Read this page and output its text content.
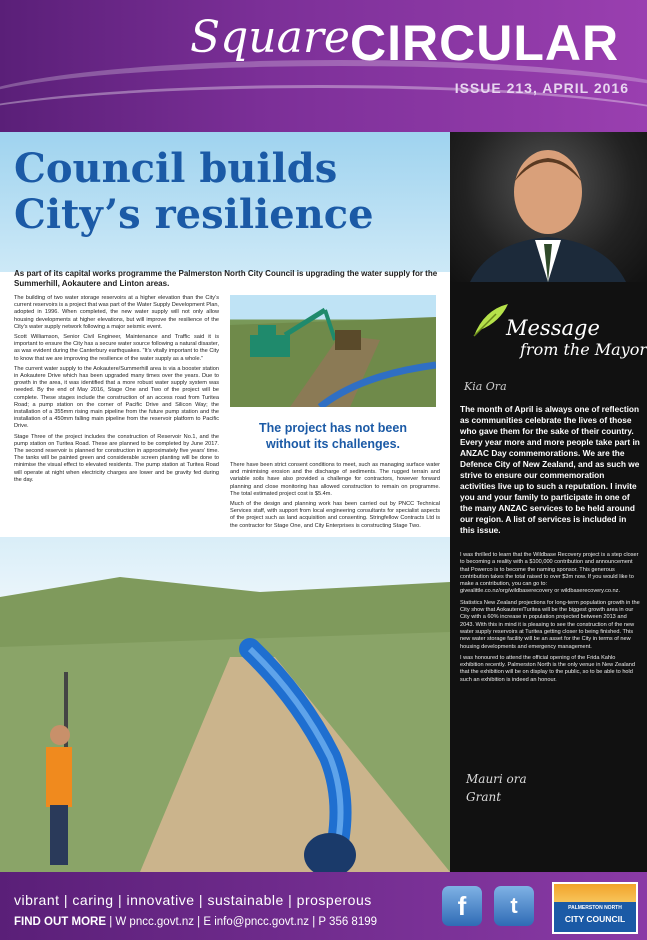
Square CIRCULAR
ISSUE 213, APRIL 2016
Council builds City’s resilience
As part of its capital works programme the Palmerston North City Council is upgrading the water supply for the Summerhill, Aokautere and Linton areas.

The building of two water storage reservoirs at a higher elevation than the City’s current reservoirs is a project that was part of the Water Supply Development Plan, adopted in 1996. When completed, the new water supply will not only allow housing developments at higher elevations, but will improve the resilience of the City’s water supply network following a major seismic event.

Scott Williamson, Senior Civil Engineer, Maintenance and Traffic said it is important to ensure the City has a secure water source following a natural disaster, as was evident during the Canterbury earthquakes. “It’s vitally important to the City to know that we are improving the resilience of the water supply as a whole.”

The current water supply to the Aokautere/Summerhill area is via a booster station in Aokautere Drive which has been upgraded many times over the years. Due to growth in the area, it was identified that a more robust water supply system was needed. By the end of May 2016, Stage One and Two of the project will be complete. These stages include the construction of an access road from Turitea Road; a pump station on the corner of Pacific Drive and Silicon Way; the installation of a 355mm rising main pipeline from the future pump station and the installation of a 450mm falling main pipeline from the reservoir platform to Pacific Drive.

Stage Three of the project includes the construction of Reservoir No.1, and the pump station on Turitea Road. These are planned to be completed by June 2017. The second reservoir is planned for construction in approximately five years’ time. The tanks will be painted green and considerable screen planting will be done to minimise the visual effect to elevated residents. The pump station at Turitea Road will operate at night when electricity charges are lower and be gravity fed during the day.

The project has not been without its challenges.

There have been strict consent conditions to meet, such as managing surface water and minimising erosion and the discharge of sediments. The rugged terrain and variable soils have also provided a challenge for contractors, however forward planning and close monitoring has allowed construction to remain on programme. The total estimated project cost is $5.4m.

Much of the design and planning work has been carried out by PNCC Technical Services staff, with support from local engineering consultants for specialist aspects of the project such as land acquisition and consenting. Stringfellow Contracts Ltd is the contractor for Stage One, and City Enterprises is constructing Stage Two.

Message
from the Mayor
Kia Ora
The month of April is always one of reflection as communities celebrate the lives of those who gave them for the sake of their country. Every year more and more people take part in ANZAC Day commemorations. We are the Defence City of New Zealand, and as such we strive to ensure our commemoration activities live up to such a reputation. I invite you and your family to participate in one of the many ANZAC services to be held around our region. A list of services is included in this issue.

I was thrilled to learn that the Wildbase Recovery project is a step closer to becoming a reality with a $100,000 contribution and announcement that Powerco is to become the naming sponsor. This generous contribution takes the total raised to over $3m now. If you would like to make a contribution, you can go to: givealittle.co.nz/org/wildbaserecovery or wildbaserecovery.co.nz.

Statistics New Zealand projections for long-term population growth in the City show that Aokautere/Turitea will be the biggest growth area in our City with a 60% increase in population projected between 2013 and 2043. With this in mind it is pleasing to see the construction of the new water supply reservoirs at Turitea getting closer to being finished. This new water storage facility will be an asset for the City in terms of new housing developments and emergency management.

I was honoured to attend the official opening of the Frida Kahlo exhibition recently. Palmerston North is the only venue in New Zealand that the exhibition will be on display to the public, so to be able to hold such an exhibition is indeed an honour.

Mauri ora
Grant
vibrant | caring | innovative | sustainable | prosperous
FIND OUT MORE | W pncc.govt.nz | E info@pncc.govt.nz | P 356 8199
f	t	PALMERSTON NORTH
CITY COUNCIL
